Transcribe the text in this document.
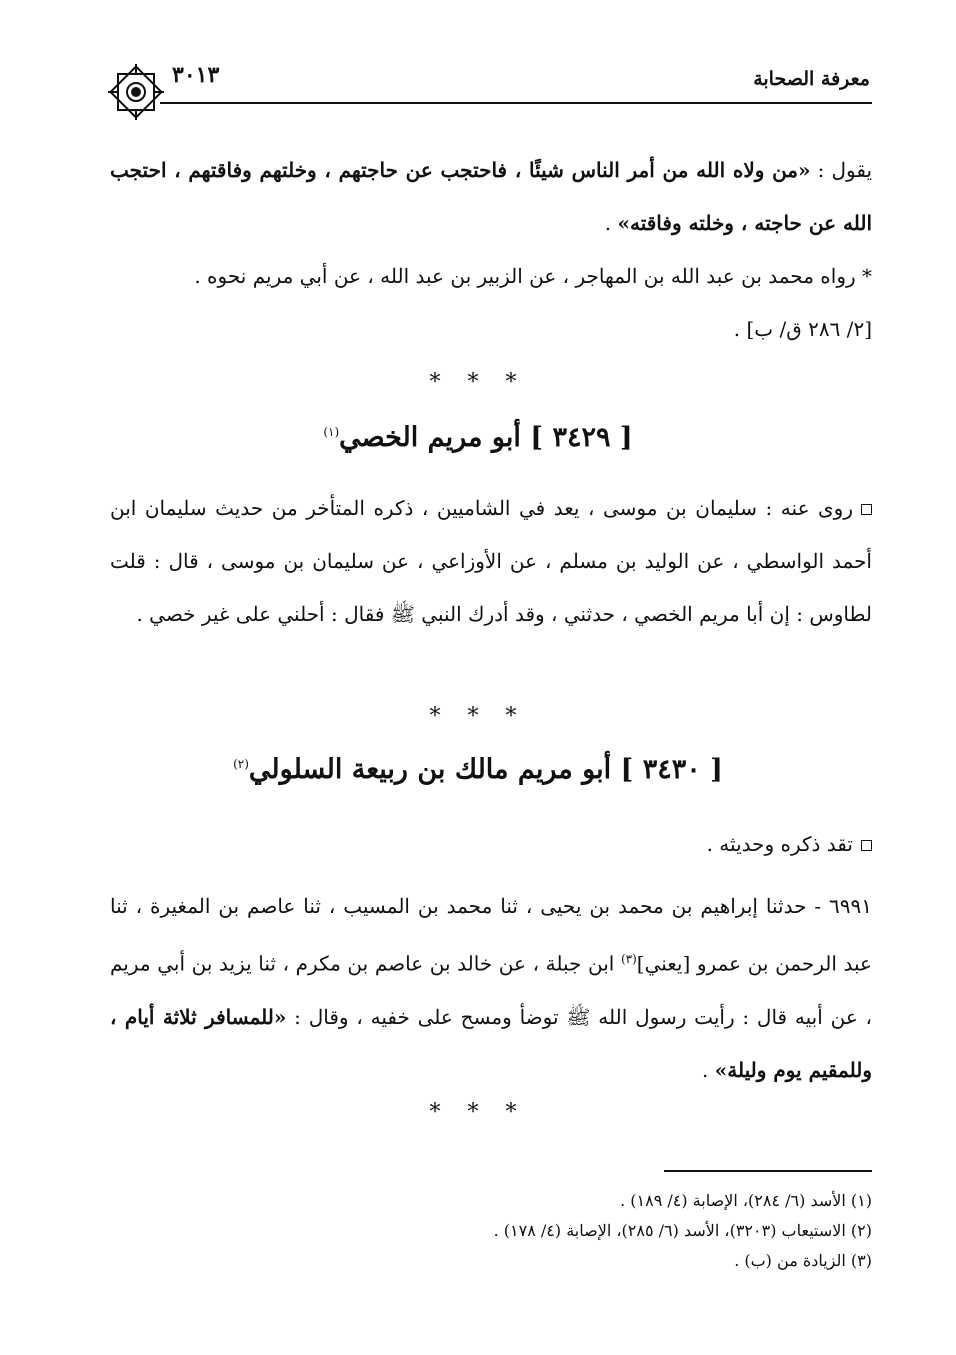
معرفة الصحابة
٣٠١٣
يقول : «من ولاه الله من أمر الناس شيئًا ، فاحتجب عن حاجتهم ، وخلتهم وفاقتهم ، احتجب الله عن حاجته ، وخلته وفاقته» .
* رواه محمد بن عبد الله بن المهاجر ، عن الزبير بن عبد الله ، عن أبي مريم نحوه .
[٢/ ٢٨٦ ق/ ب] .
* * *
[ ٣٤٢٩ ] أبو مريم الخصي$^{(١)}$
روى عنه : سليمان بن موسى ، يعد في الشاميين ، ذكره المتأخر من حديث سليمان ابن أحمد الواسطي ، عن الوليد بن مسلم ، عن الأوزاعي ، عن سليمان بن موسى ، قال : قلت لطاوس : إن أبا مريم الخصي ، حدثني ، وقد أدرك النبي ﷺ فقال : أحلني على غير خصي .
* * *
[ ٣٤٣٠ ] أبو مريم مالك بن ربيعة السلولي$^{(٢)}$
تقد ذكره وحديثه .
٦٩٩١ - حدثنا إبراهيم بن محمد بن يحيى ، ثنا محمد بن المسيب ، ثنا عاصم بن المغيرة ، ثنا عبد الرحمن بن عمرو [يعني]$^{(٣)}$ ابن جبلة ، عن خالد بن عاصم بن مكرم ، ثنا يزيد بن أبي مريم ، عن أبيه قال : رأيت رسول الله ﷺ توضأ ومسح على خفيه ، وقال : «للمسافر ثلاثة أيام ، وللمقيم يوم وليلة» .
* * *
(١) الأسد (٦/ ٢٨٤)، الإصابة (٤/ ١٨٩) .
(٢) الاستيعاب (٣٢٠٣)، الأسد (٦/ ٢٨٥)، الإصابة (٤/ ١٧٨) .
(٣) الزيادة من (ب) .
